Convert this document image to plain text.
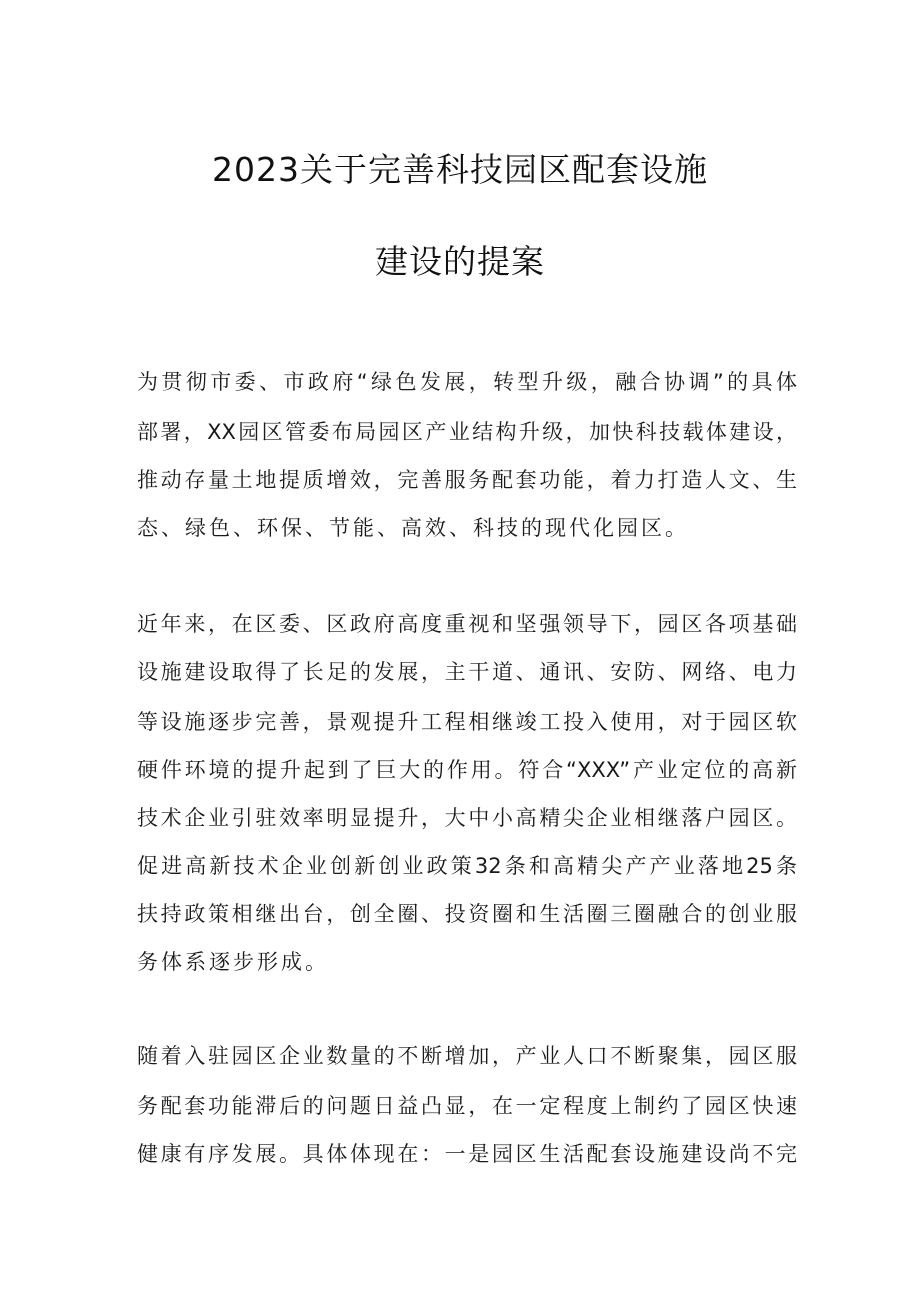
2023关于完善科技园区配套设施
建设的提案
为贯彻市委、市政府“绿色发展，转型升级，融合协调”的具体
部署，XX园区管委布局园区产业结构升级，加快科技载体建设，
推动存量土地提质增效，完善服务配套功能，着力打造人文、生
态、绿色、环保、节能、高效、科技的现代化园区。
近年来，在区委、区政府高度重视和坚强领导下，园区各项基础
设施建设取得了长足的发展，主干道、通讯、安防、网络、电力
等设施逐步完善，景观提升工程相继竣工投入使用，对于园区软
硬件环境的提升起到了巨大的作用。符合“XXX”产业定位的高新
技术企业引驻效率明显提升，大中小高精尖企业相继落户园区。
促进高新技术企业创新创业政策32条和高精尖产产业落地25条
扶持政策相继出台，创全圈、投资圈和生活圈三圈融合的创业服
务体系逐步形成。
随着入驻园区企业数量的不断增加，产业人口不断聚集，园区服
务配套功能滞后的问题日益凸显，在一定程度上制约了园区快速
健康有序发展。具体体现在：一是园区生活配套设施建设尚不完
